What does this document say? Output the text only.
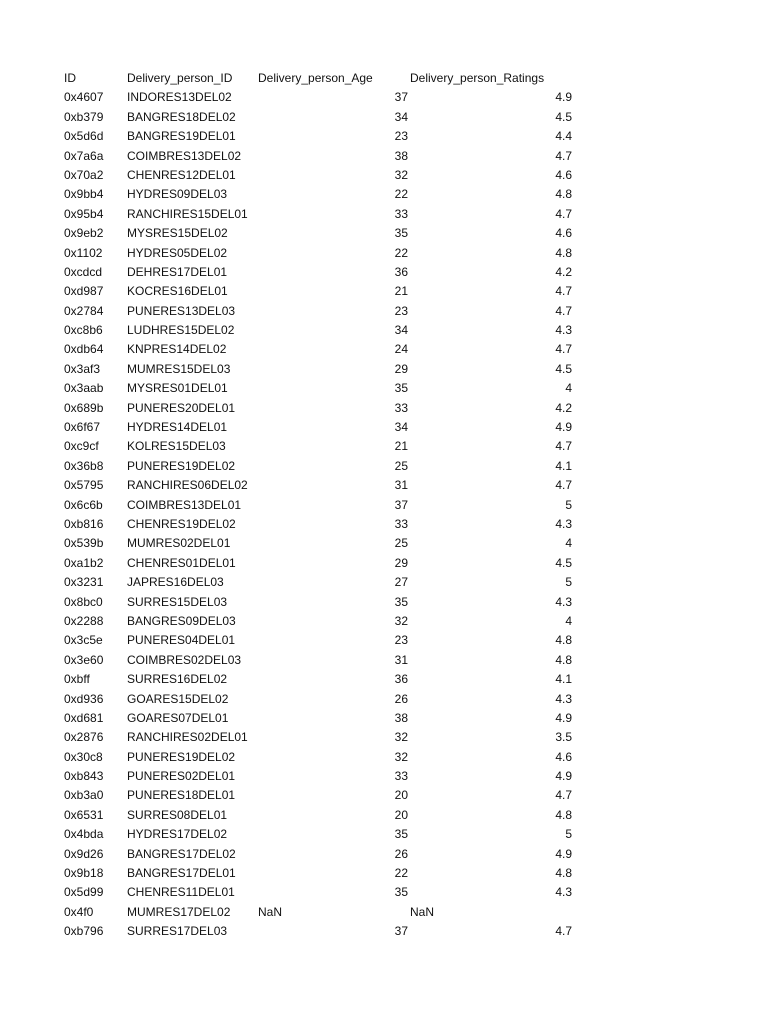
ID	Delivery_person_ID Delivery_person_Age	Delivery_person_Ratings
0x4607 INDORES13DEL02	37	4.9
0xb379 BANGRES18DEL02	34	4.5
0x5d6d BANGRES19DEL01	23	4.4
0x7a6a COIMBRES13DEL02	38	4.7
0x70a2 CHENRES12DEL01	32	4.6
0x9bb4 HYDRES09DEL03	22	4.8
0x95b4 RANCHIRES15DEL01	33	4.7
0x9eb2 MYSRES15DEL02	35	4.6
0x1102 HYDRES05DEL02	22	4.8
0xcdcd DEHRES17DEL01	36	4.2
0xd987 KOCRES16DEL01	21	4.7
0x2784 PUNERES13DEL03	23	4.7
0xc8b6 LUDHRES15DEL02	34	4.3
0xdb64 KNPRES14DEL02	24	4.7
0x3af3 MUMRES15DEL03	29	4.5
0x3aab MYSRES01DEL01	35	4
0x689b PUNERES20DEL01	33	4.2
0x6f67 HYDRES14DEL01	34	4.9
0xc9cf KOLRES15DEL03	21	4.7
0x36b8 PUNERES19DEL02	25	4.1
0x5795 RANCHIRES06DEL02	31	4.7
0x6c6b COIMBRES13DEL01	37	5
0xb816 CHENRES19DEL02	33	4.3
0x539b MUMRES02DEL01	25	4
0xa1b2 CHENRES01DEL01	29	4.5
0x3231 JAPRES16DEL03	27	5
0x8bc0 SURRES15DEL03	35	4.3
0x2288 BANGRES09DEL03	32	4
0x3c5e PUNERES04DEL01	23	4.8
0x3e60 COIMBRES02DEL03	31	4.8
0xbff	SURRES16DEL02	36	4.1
0xd936 GOARES15DEL02	26	4.3
0xd681 GOARES07DEL01	38	4.9
0x2876 RANCHIRES02DEL01	32	3.5
0x30c8 PUNERES19DEL02	32	4.6
0xb843 PUNERES02DEL01	33	4.9
0xb3a0 PUNERES18DEL01	20	4.7
0x6531 SURRES08DEL01	20	4.8
0x4bda HYDRES17DEL02	35	5
0x9d26 BANGRES17DEL02	26	4.9
0x9b18 BANGRES17DEL01	22	4.8
0x5d99 CHENRES11DEL01	35	4.3
0x4f0	MUMRES17DEL02 NaN	NaN
0xb796 SURRES17DEL03	37	4.7
